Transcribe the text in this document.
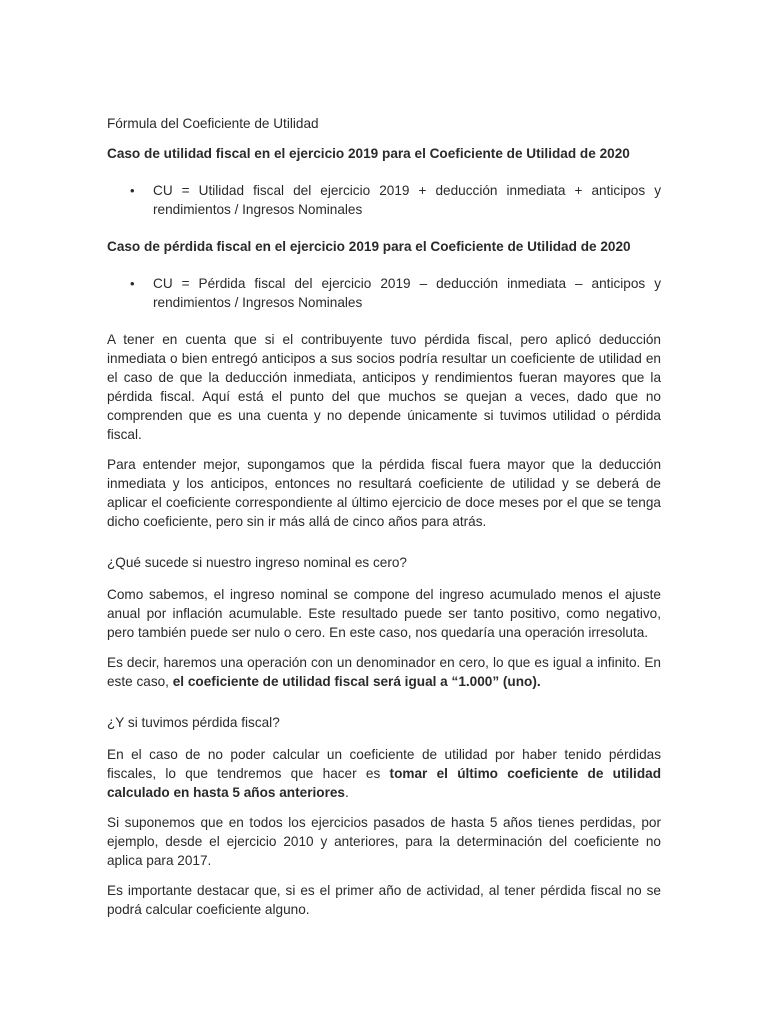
Fórmula del Coeficiente de Utilidad

Caso de utilidad fiscal en el ejercicio 2019 para el Coeficiente de Utilidad de 2020

• CU = Utilidad fiscal del ejercicio 2019 + deducción inmediata + anticipos y rendimientos / Ingresos Nominales

Caso de pérdida fiscal en el ejercicio 2019 para el Coeficiente de Utilidad de 2020

• CU = Pérdida fiscal del ejercicio 2019 – deducción inmediata – anticipos y rendimientos / Ingresos Nominales

A tener en cuenta que si el contribuyente tuvo pérdida fiscal, pero aplicó deducción inmediata o bien entregó anticipos a sus socios podría resultar un coeficiente de utilidad en el caso de que la deducción inmediata, anticipos y rendimientos fueran mayores que la pérdida fiscal. Aquí está el punto del que muchos se quejan a veces, dado que no comprenden que es una cuenta y no depende únicamente si tuvimos utilidad o pérdida fiscal.

Para entender mejor, supongamos que la pérdida fiscal fuera mayor que la deducción inmediata y los anticipos, entonces no resultará coeficiente de utilidad y se deberá de aplicar el coeficiente correspondiente al último ejercicio de doce meses por el que se tenga dicho coeficiente, pero sin ir más allá de cinco años para atrás.

¿Qué sucede si nuestro ingreso nominal es cero?

Como sabemos, el ingreso nominal se compone del ingreso acumulado menos el ajuste anual por inflación acumulable. Este resultado puede ser tanto positivo, como negativo, pero también puede ser nulo o cero. En este caso, nos quedaría una operación irresoluta.

Es decir, haremos una operación con un denominador en cero, lo que es igual a infinito. En este caso, el coeficiente de utilidad fiscal será igual a “1.000” (uno).

¿Y si tuvimos pérdida fiscal?

En el caso de no poder calcular un coeficiente de utilidad por haber tenido pérdidas fiscales, lo que tendremos que hacer es tomar el último coeficiente de utilidad calculado en hasta 5 años anteriores.

Si suponemos que en todos los ejercicios pasados de hasta 5 años tienes perdidas, por ejemplo, desde el ejercicio 2010 y anteriores, para la determinación del coeficiente no aplica para 2017.

Es importante destacar que, si es el primer año de actividad, al tener pérdida fiscal no se podrá calcular coeficiente alguno.
